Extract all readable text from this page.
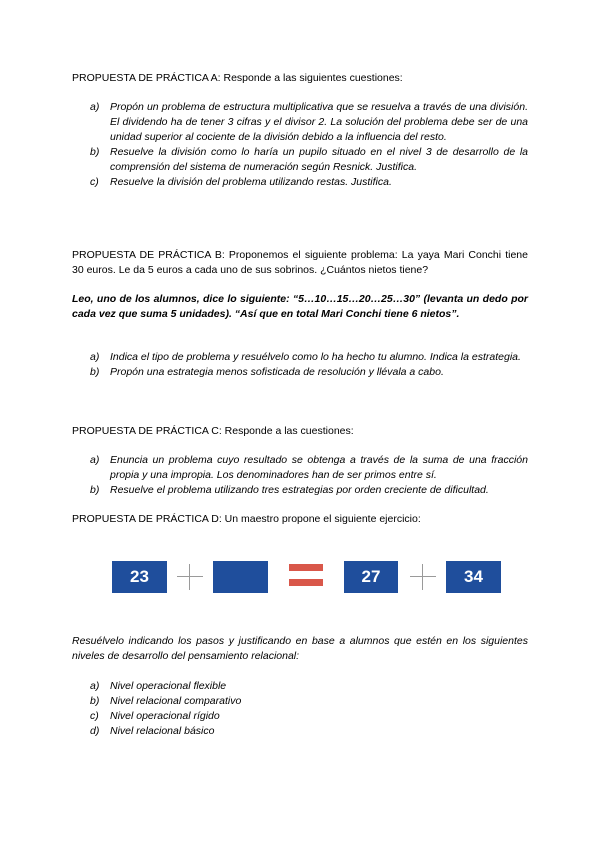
PROPUESTA DE PRÁCTICA A: Responde a las siguientes cuestiones:
a) Propón un problema de estructura multiplicativa que se resuelva a través de una división. El dividendo ha de tener 3 cifras y el divisor 2. La solución del problema debe ser de una unidad superior al cociente de la división debido a la influencia del resto.
b) Resuelve la división como lo haría un pupilo situado en el nivel 3 de desarrollo de la comprensión del sistema de numeración según Resnick. Justifica.
c) Resuelve la división del problema utilizando restas. Justifica.
PROPUESTA DE PRÁCTICA B: Proponemos el siguiente problema: La yaya Mari Conchi tiene 30 euros. Le da 5 euros a cada uno de sus sobrinos. ¿Cuántos nietos tiene?
Leo, uno de los alumnos, dice lo siguiente: “5…10…15…20…25…30” (levanta un dedo por cada vez que suma 5 unidades). “Así que en total Mari Conchi tiene 6 nietos”.
a) Indica el tipo de problema y resuélvelo como lo ha hecho tu alumno. Indica la estrategia.
b) Propón una estrategia menos sofisticada de resolución y llévala a cabo.
PROPUESTA DE PRÁCTICA C: Responde a las cuestiones:
a) Enuncia un problema cuyo resultado se obtenga a través de la suma de una fracción propia y una impropia. Los denominadores han de ser primos entre sí.
b) Resuelve el problema utilizando tres estrategias por orden creciente de dificultad.
PROPUESTA DE PRÁCTICA D: Un maestro propone el siguiente ejercicio:
23	27	34
Resuélvelo indicando los pasos y justificando en base a alumnos que estén en los siguientes niveles de desarrollo del pensamiento relacional:
a) Nivel operacional flexible
b) Nivel relacional comparativo
c) Nivel operacional rígido
d) Nivel relacional básico
